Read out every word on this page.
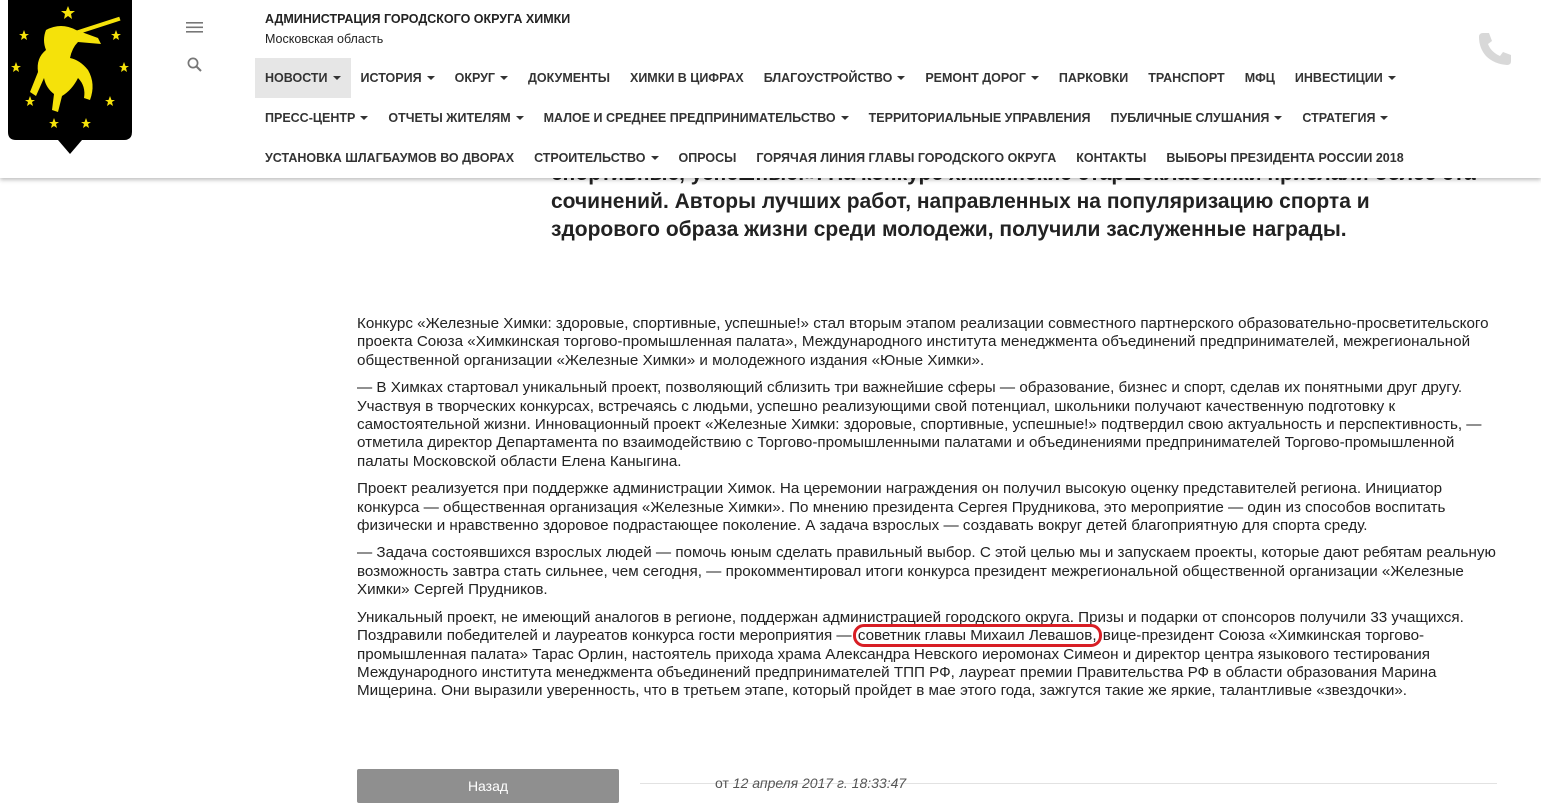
АДМИНИСТРАЦИЯ ГОРОДСКОГО ОКРУГА ХИМКИ
Московская область
НОВОСТИ	ИСТОРИЯ	ОКРУГ	ДОКУМЕНТЫ ХИМКИ В ЦИФРАХ БЛАГОУСТРОЙСТВО	РЕМОНТ ДОРОГ	ПАРКОВКИ ТРАНСПОРТ МФЦ ИНВЕСТИЦИИ
ПРЕСС-ЦЕНТР	ОТЧЕТЫ ЖИТЕЛЯМ	МАЛОЕ И СРЕДНЕЕ ПРЕДПРИНИМАТЕЛЬСТВО	ТЕРРИТОРИАЛЬНЫЕ УПРАВЛЕНИЯ ПУБЛИЧНЫЕ СЛУШАНИЯ	СТРАТЕГИЯ
УСТАНОВКА ШЛАГБАУМОВ ВО ДВОРАХ СТРОИТЕЛЬСТВО	ОПРОСЫ ГОРЯЧАЯ ЛИНИЯ ГЛАВЫ ГОРОДСКОГО ОКРУГА КОНТАКТЫ ВЫБОРЫ ПРЕЗИДЕНТА РОССИИ 2018
сочинений. Авторы лучших работ, направленных на популяризацию спорта и здорового образа жизни среди молодежи, получили заслуженные награды.

Конкурс «Железные Химки: здоровые, спортивные, успешные!» стал вторым этапом реализации совместного партнерского образовательно-просветительского проекта Союза «Химкинская торгово-промышленная палата», Международного института менеджмента объединений предпринимателей, межрегиональной общественной организации «Железные Химки» и молодежного издания «Юные Химки».

— В Химках стартовал уникальный проект, позволяющий сблизить три важнейшие сферы — образование, бизнес и спорт, сделав их понятными друг другу. Участвуя в творческих конкурсах, встречаясь с людьми, успешно реализующими свой потенциал, школьники получают качественную подготовку к самостоятельной жизни. Инновационный проект «Железные Химки: здоровые, спортивные, успешные!» подтвердил свою актуальность и перспективность, — отметила директор Департамента по взаимодействию с Торгово-промышленными палатами и объединениями предпринимателей Торгово-промышленной палаты Московской области Елена Каныгина.

Проект реализуется при поддержке администрации Химок. На церемонии награждения он получил высокую оценку представителей региона. Инициатор конкурса — общественная организация «Железные Химки». По мнению президента Сергея Прудникова, это мероприятие — один из способов воспитать физически и нравственно здоровое подрастающее поколение. А задача взрослых — создавать вокруг детей благоприятную для спорта среду.

— Задача состоявшихся взрослых людей — помочь юным сделать правильный выбор. С этой целью мы и запускаем проекты, которые дают ребятам реальную возможность завтра стать сильнее, чем сегодня, — прокомментировал итоги конкурса президент межрегиональной общественной организации «Железные Химки» Сергей Прудников.

Уникальный проект, не имеющий аналогов в регионе, поддержан администрацией городского округа. Призы и подарки от спонсоров получили 33 учащихся. Поздравили победителей и лауреатов конкурса гости мероприятия — советник главы Михаил Левашов, вице-президент Союза «Химкинская торгово-промышленная палата» Тарас Орлин, настоятель прихода храма Александра Невского иеромонах Симеон и директор центра языкового тестирования Международного института менеджмента объединений предпринимателей ТПП РФ, лауреат премии Правительства РФ в области образования Марина Мищерина. Они выразили уверенность, что в третьем этапе, который пройдет в мае этого года, зажгутся такие же яркие, талантливые «звездочки».

Назад	от 12 апреля 2017 г. 18:33:47
